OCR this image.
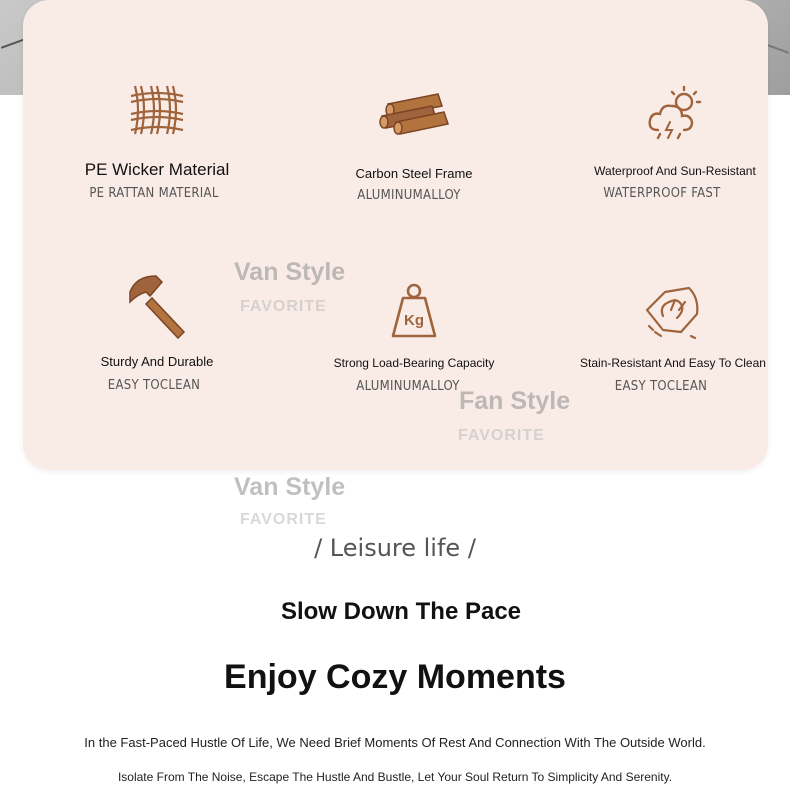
PE Wicker Material
PE RATTAN MATERIAL
Carbon Steel Frame
ALUMINUMALLOY
Waterproof And Sun-Resistant
WATERPROOF FAST
Sturdy And Durable
EASY TOCLEAN
Kg
Strong Load-Bearing Capacity
ALUMINUMALLOY
Stain-Resistant And Easy To Clean
EASY TOCLEAN
Van Style
FAVORITE
Fan Style
FAVORITE
Van Style
FAVORITE
/ Leisure life /
Slow Down The Pace
Enjoy Cozy Moments
In the Fast-Paced Hustle Of Life, We Need Brief Moments Of Rest And Connection With The Outside World.
Isolate From The Noise, Escape The Hustle And Bustle, Let Your Soul Return To Simplicity And Serenity.
